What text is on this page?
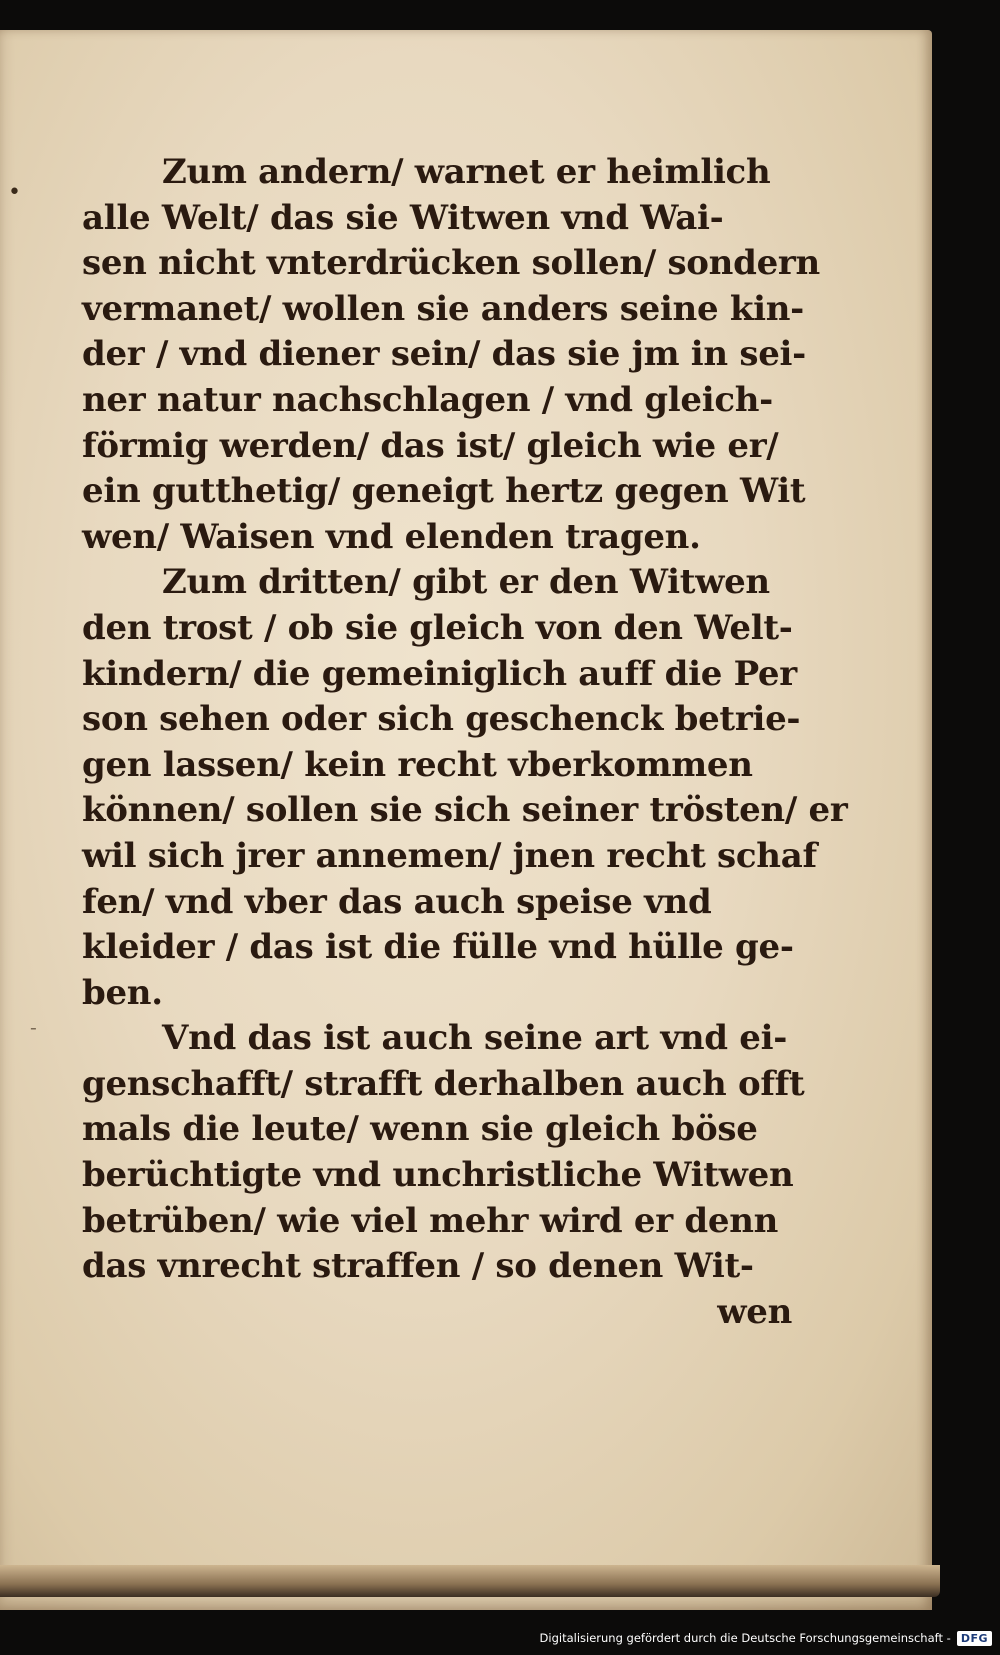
•
-
Zum andern/ warnet er heimlich
alle Welt/ das sie Witwen vnd Wai-
sen nicht vnterdrücken sollen/ sondern
vermanet/ wollen sie anders seine kin-
der / vnd diener sein/ das sie jm in sei-
ner natur nachschlagen / vnd gleich-
förmig werden/ das ist/ gleich wie er/
ein gutthetig/ geneigt hertz gegen Wit
wen/ Waisen vnd elenden tragen.
Zum dritten/ gibt er den Witwen
den trost / ob sie gleich von den Welt-
kindern/ die gemeiniglich auff die Per
son sehen oder sich geschenck betrie-
gen lassen/ kein recht vberkommen
können/ sollen sie sich seiner trösten/ er
wil sich jrer annemen/ jnen recht schaf
fen/ vnd vber das auch speise vnd
kleider / das ist die fülle vnd hülle ge-
ben.
Vnd das ist auch seine art vnd ei-
genschafft/ strafft derhalben auch offt
mals die leute/ wenn sie gleich böse
berüchtigte vnd unchristliche Witwen
betrüben/ wie viel mehr wird er denn
das vnrecht straffen / so denen Wit-
wen
Digitalisierung gefördert durch die Deutsche Forschungsgemeinschaft - DFG
